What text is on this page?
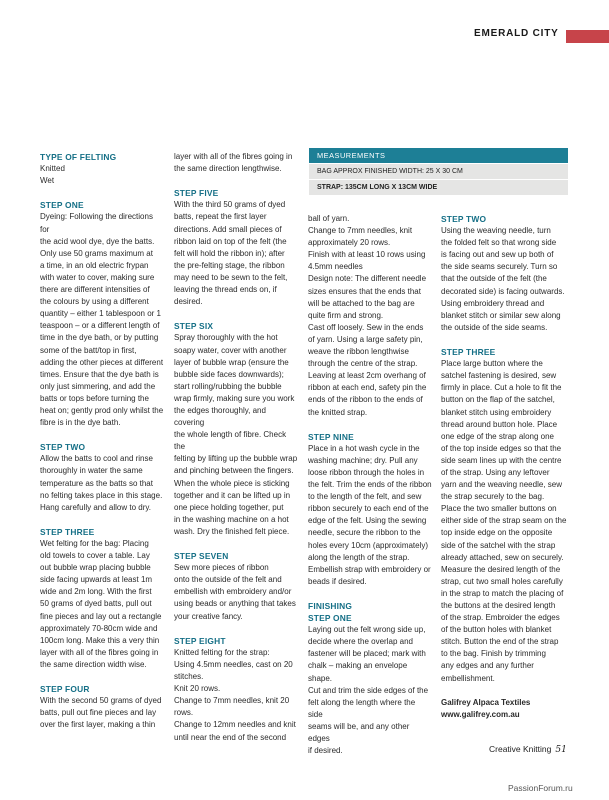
EMERALD CITY

TYPE OF FELTING

Knitted

Wet

STEP ONE

Dyeing: Following the directions for

the acid wool dye, dye the batts.

Only use 50 grams maximum at

a time, in an old electric frypan

with water to cover, making sure

there are different intensities of

the colours by using a different

quantity – either 1 tablespoon or 1

teaspoon – or a different length of

time in the dye bath, or by putting

some of the batt/top in first,

adding the other pieces at different

times. Ensure that the dye bath is

only just simmering, and add the

batts or tops before turning the

heat on; gently prod only whilst the

fibre is in the dye bath.

STEP TWO

Allow the batts to cool and rinse

thoroughly in water the same

temperature as the batts so that

no felting takes place in this stage.

Hang carefully and allow to dry.

STEP THREE

Wet felting for the bag: Placing

old towels to cover a table. Lay

out bubble wrap placing bubble

side facing upwards at least 1m

wide and 2m long. With the first

50 grams of dyed batts, pull out

fine pieces and lay out a rectangle

approximately 70-80cm wide and

100cm long. Make this a very thin

layer with all of the fibres going in

the same direction width wise.

STEP FOUR

With the second 50 grams of dyed

batts, pull out fine pieces and lay

over the first layer, making a thin

layer with all of the fibres going in

the same direction lengthwise.

STEP FIVE

With the third 50 grams of dyed

batts, repeat the first layer

directions. Add small pieces of

ribbon laid on top of the felt (the

felt will hold the ribbon in); after

the pre-felting stage, the ribbon

may need to be sewn to the felt,

leaving the thread ends on, if

desired.

STEP SIX

Spray thoroughly with the hot

soapy water, cover with another

layer of bubble wrap (ensure the

bubble side faces downwards);

start rolling/rubbing the bubble

wrap firmly, making sure you work

the edges thoroughly, and covering

the whole length of fibre. Check the

felting by lifting up the bubble wrap

and pinching between the fingers.

When the whole piece is sticking

together and it can be lifted up in

one piece holding together, put

in the washing machine on a hot

wash. Dry the finished felt piece.

STEP SEVEN

Sew more pieces of ribbon

onto the outside of the felt and

embellish with embroidery and/or

using beads or anything that takes

your creative fancy.

STEP EIGHT

Knitted felting for the strap:

Using 4.5mm needles, cast on 20

stitches.

Knit 20 rows.

Change to 7mm needles, knit 20

rows.

Change to 12mm needles and knit

until near the end of the second

MEASUREMENTS
BAG APPROX FINISHED WIDTH: 25 X 30 CM
STRAP: 135CM LONG X 13CM WIDE

ball of yarn.

Change to 7mm needles, knit

approximately 20 rows.

Finish with at least 10 rows using

4.5mm needles

Design note: The different needle

sizes ensures that the ends that

will be attached to the bag are

quite firm and strong.

Cast off loosely. Sew in the ends

of yarn. Using a large safety pin,

weave the ribbon lengthwise

through the centre of the strap.

Leaving at least 2cm overhang of

ribbon at each end, safety pin the

ends of the ribbon to the ends of

the knitted strap.

STEP NINE

Place in a hot wash cycle in the

washing machine; dry. Pull any

loose ribbon through the holes in

the felt. Trim the ends of the ribbon

to the length of the felt, and sew

ribbon securely to each end of the

edge of the felt. Using the sewing

needle, secure the ribbon to the

holes every 10cm (approximately)

along the length of the strap.

Embellish strap with embroidery or

beads if desired.

FINISHING

STEP ONE

Laying out the felt wrong side up,

decide where the overlap and

fastener will be placed; mark with

chalk – making an envelope shape.

Cut and trim the side edges of the

felt along the length where the side

seams will be, and any other edges

if desired.

STEP TWO

Using the weaving needle, turn

the folded felt so that wrong side

is facing out and sew up both of

the side seams securely. Turn so

that the outside of the felt (the

decorated side) is facing outwards.

Using embroidery thread and

blanket stitch or similar sew along

the outside of the side seams.

STEP THREE

Place large button where the

satchel fastening is desired, sew

firmly in place. Cut a hole to fit the

button on the flap of the satchel,

blanket stitch using embroidery

thread around button hole. Place

one edge of the strap along one

of the top inside edges so that the

side seam lines up with the centre

of the strap. Using any leftover

yarn and the weaving needle, sew

the strap securely to the bag.

Place the two smaller buttons on

either side of the strap seam on the

top inside edge on the opposite

side of the satchel with the strap

already attached, sew on securely.

Measure the desired length of the

strap, cut two small holes carefully

in the strap to match the placing of

the buttons at the desired length

of the strap. Embroider the edges

of the button holes with blanket

stitch. Button the end of the strap

to the bag. Finish by trimming

any edges and any further

embellishment.

Galifrey Alpaca Textiles

www.galifrey.com.au

Creative Knitting 51
PassionForum.ru
